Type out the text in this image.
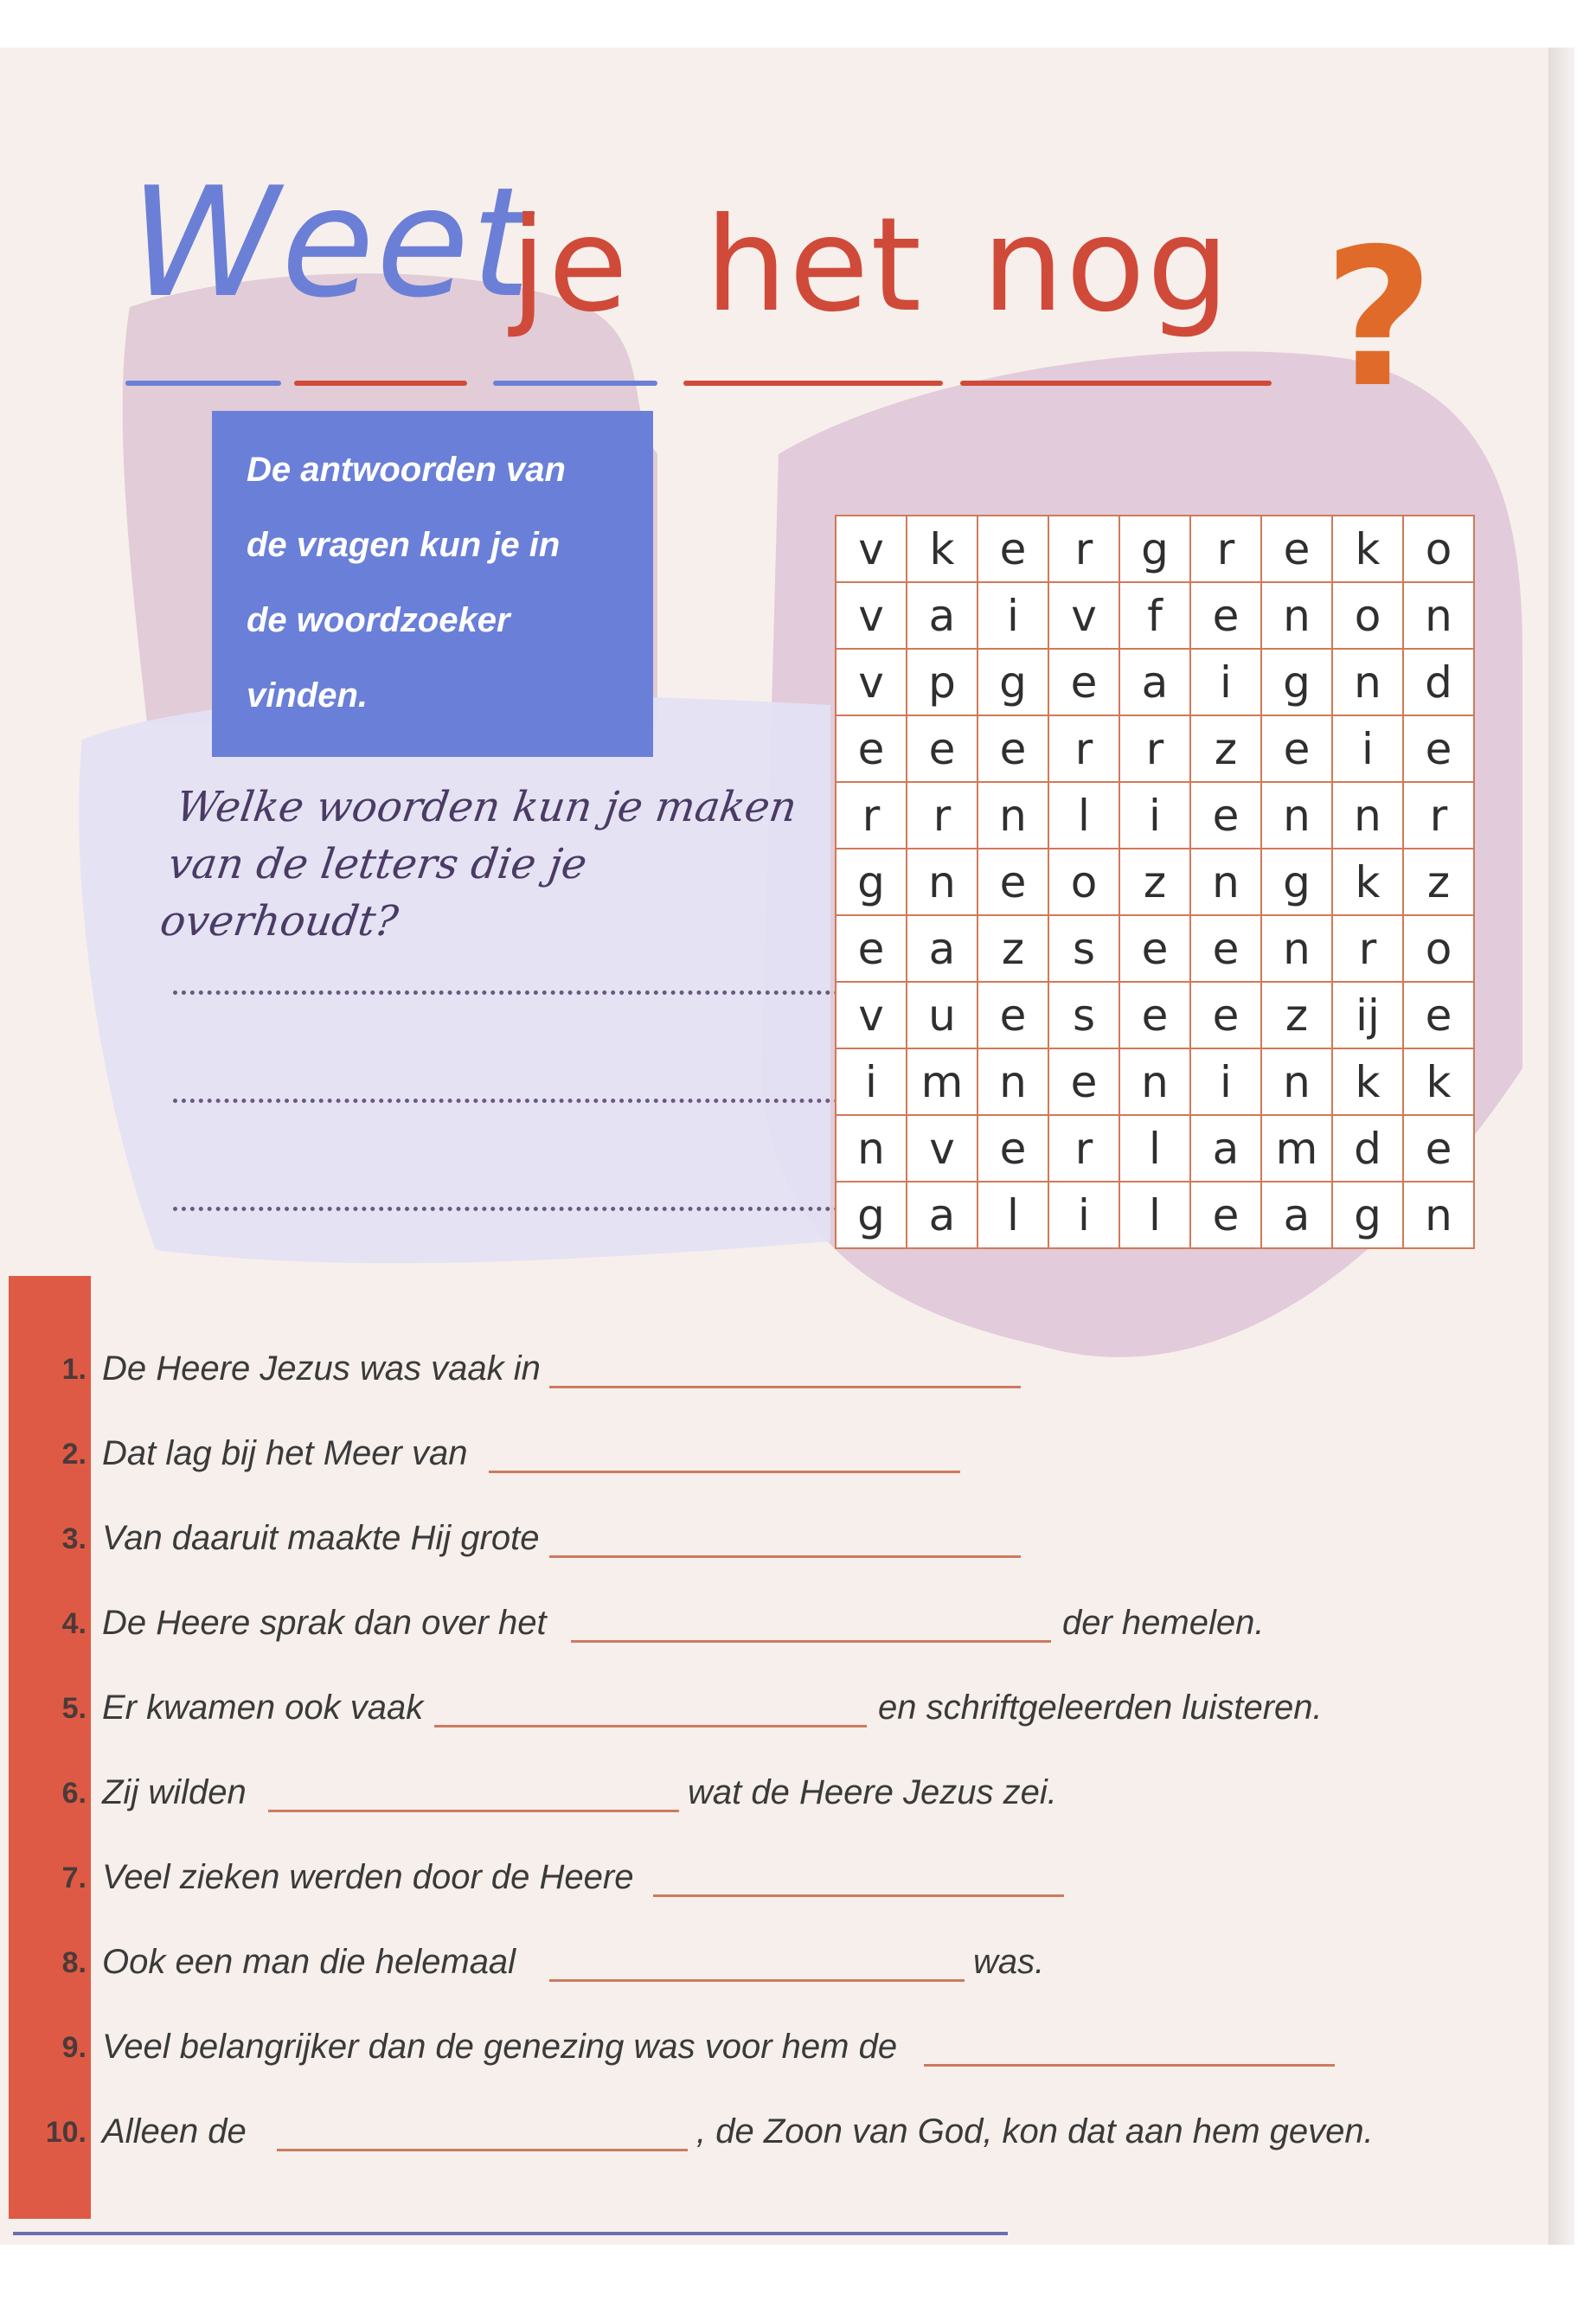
Weet
je het nog ?
De antwoorden van
de vragen kun je in
de woordzoeker
vinden.
Welke woorden kun je maken
van de letters die je
overhoudt?
v	k	e	r	g	r	e	k	o
v	a	i	v	f	e	n	o	n
v	p	g	e	a	i	g	n	d
e	e	e	r	r	z	e	i	e
r	r	n	l	i	e	n	n	r
g	n	e	o	z	n	g	k	z
e	a	z	s	e	e	n	r	o
v	u	e	s	e	e	z	ij	e
i	m	n	e	n	i	n	k	k
n	v	e	r	l	a	m	d	e
g	a	l	i	l	e	a	g	n
1. De Heere Jezus was vaak in
2. Dat lag bij het Meer van
3. Van daaruit maakte Hij grote
4. De Heere sprak dan over het	der hemelen.
5. Er kwamen ook vaak	en schriftgeleerden luisteren.
6. Zij wilden	wat de Heere Jezus zei.
7. Veel zieken werden door de Heere
8. Ook een man die helemaal	was.
9. Veel belangrijker dan de genezing was voor hem de
10. Alleen de	, de Zoon van God, kon dat aan hem geven.
